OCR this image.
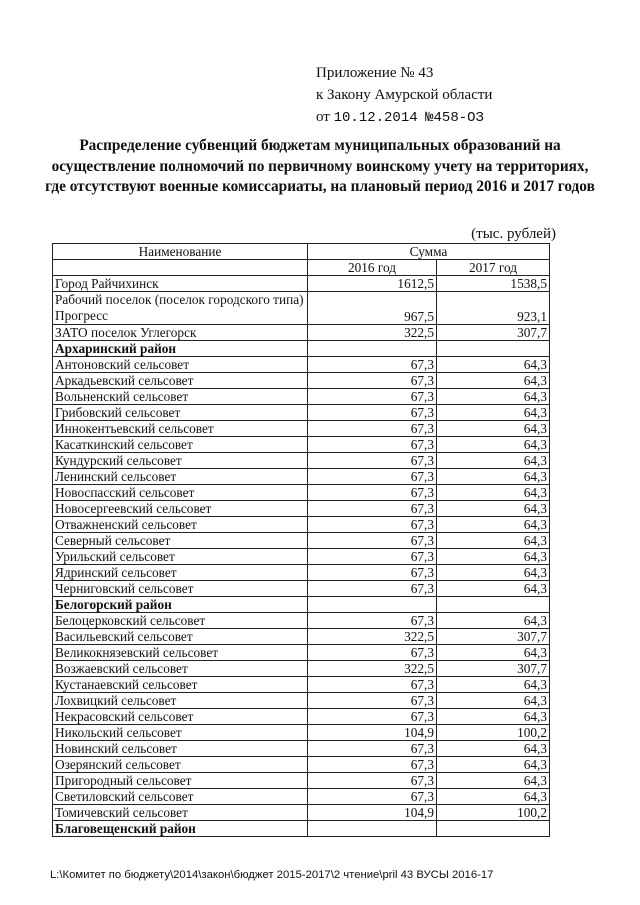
Приложение № 43
к Закону Амурской области
от 10.12.2014 №458-ОЗ
Распределение субвенций бюджетам муниципальных образований на осуществление полномочий по первичному воинскому учету на территориях, где отсутствуют военные комиссариаты, на плановый период 2016 и 2017 годов
(тыс. рублей)
Наименование	Сумма	
	2016 год	2017 год
Город Райчихинск	1612,5	1538,5
Рабочий поселок (поселок городского типа) Прогресс	967,5	923,1
ЗАТО поселок Углегорск	322,5	307,7
Архаринский район		
Антоновский сельсовет	67,3	64,3
Аркадьевский сельсовет	67,3	64,3
Вольненский сельсовет	67,3	64,3
Грибовский сельсовет	67,3	64,3
Иннокентьевский сельсовет	67,3	64,3
Касаткинский сельсовет	67,3	64,3
Кундурский сельсовет	67,3	64,3
Ленинский сельсовет	67,3	64,3
Новоспасский сельсовет	67,3	64,3
Новосергеевский сельсовет	67,3	64,3
Отважненский сельсовет	67,3	64,3
Северный сельсовет	67,3	64,3
Урильский сельсовет	67,3	64,3
Ядринский сельсовет	67,3	64,3
Черниговский сельсовет	67,3	64,3
Белогорский район		
Белоцерковский сельсовет	67,3	64,3
Васильевский сельсовет	322,5	307,7
Великокнязевский сельсовет	67,3	64,3
Возжаевский сельсовет	322,5	307,7
Кустанаевский сельсовет	67,3	64,3
Лохвицкий сельсовет	67,3	64,3
Некрасовский сельсовет	67,3	64,3
Никольский сельсовет	104,9	100,2
Новинский сельсовет	67,3	64,3
Озерянский сельсовет	67,3	64,3
Пригородный сельсовет	67,3	64,3
Светиловский сельсовет	67,3	64,3
Томичевский сельсовет	104,9	100,2
Благовещенский район		
L:\Комитет по бюджету\2014\закон\бюджет 2015-2017\2 чтение\pril 43 ВУСЫ 2016-17
